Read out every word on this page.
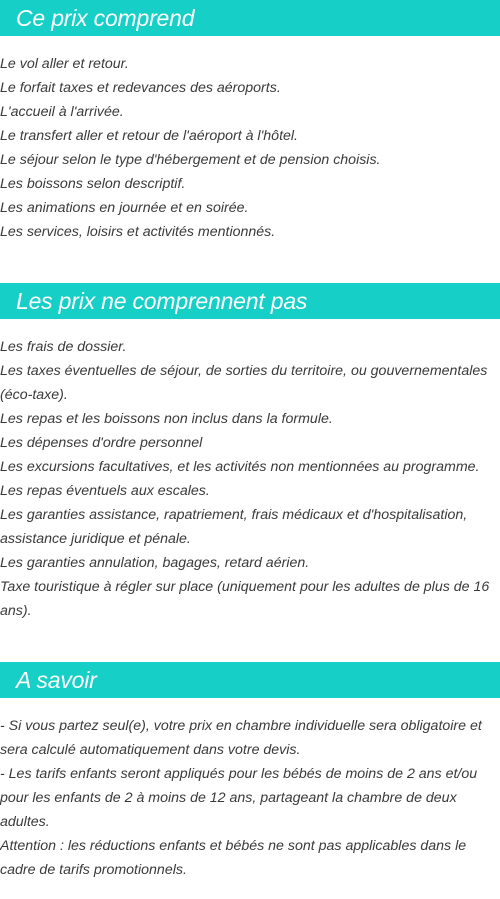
Ce prix comprend

Le vol aller et retour.

Le forfait taxes et redevances des aéroports.

L'accueil à l'arrivée.

Le transfert aller et retour de l'aéroport à l'hôtel.

Le séjour selon le type d'hébergement et de pension choisis.

Les boissons selon descriptif.

Les animations en journée et en soirée.

Les services, loisirs et activités mentionnés.

Les prix ne comprennent pas

Les frais de dossier.

Les taxes éventuelles de séjour, de sorties du territoire, ou gouvernementales (éco-taxe).

Les repas et les boissons non inclus dans la formule.

Les dépenses d'ordre personnel

Les excursions facultatives, et les activités non mentionnées au programme.

Les repas éventuels aux escales.

Les garanties assistance, rapatriement, frais médicaux et d'hospitalisation, assistance juridique et pénale.

Les garanties annulation, bagages, retard aérien.

Taxe touristique à régler sur place (uniquement pour les adultes de plus de 16 ans).

A savoir

- Si vous partez seul(e), votre prix en chambre individuelle sera obligatoire et sera calculé automatiquement dans votre devis.

- Les tarifs enfants seront appliqués pour les bébés de moins de 2 ans et/ou pour les enfants de 2 à moins de 12 ans, partageant la chambre de deux adultes.

Attention : les réductions enfants et bébés ne sont pas applicables dans le cadre de tarifs promotionnels.
